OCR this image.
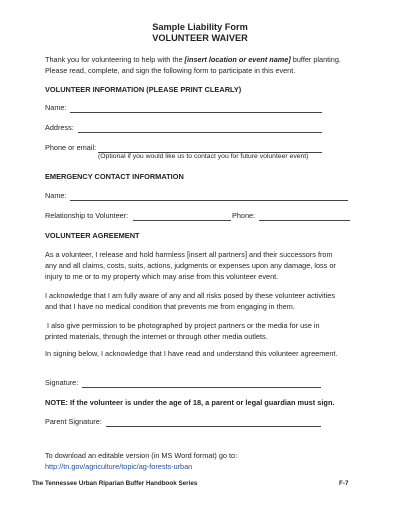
Sample Liability Form
VOLUNTEER WAIVER
Thank you for volunteering to help with the [insert location or event name] buffer planting.
Please read, complete, and sign the following form to participate in this event.
VOLUNTEER INFORMATION (PLEASE PRINT CLEARLY)
Name:
Address:
Phone or email:
(Optional if you would like us to contact you for future volunteer event)
EMERGENCY CONTACT INFORMATION
Name:
Relationship to Volunteer:	Phone:
VOLUNTEER AGREEMENT
As a volunteer, I release and hold harmless [insert all partners] and their successors from
any and all claims, costs, suits, actions, judgments or expenses upon any damage, loss or
injury to me or to my property which may arise from this volunteer event.
I acknowledge that I am fully aware of any and all risks posed by these volunteer activities
and that I have no medical condition that prevents me from engaging in them.
I also give permission to be photographed by project partners or the media for use in
printed materials, through the internet or through other media outlets.
In signing below, I acknowledge that I have read and understand this volunteer agreement.
Signature:
NOTE: If the volunteer is under the age of 18, a parent or legal guardian must sign.
Parent Signature:
To download an editable version (in MS Word format) go to:
http://tn.gov/agriculture/topic/ag-forests-urban
The Tennessee Urban Riparian Buffer Handbook Series	F-7
